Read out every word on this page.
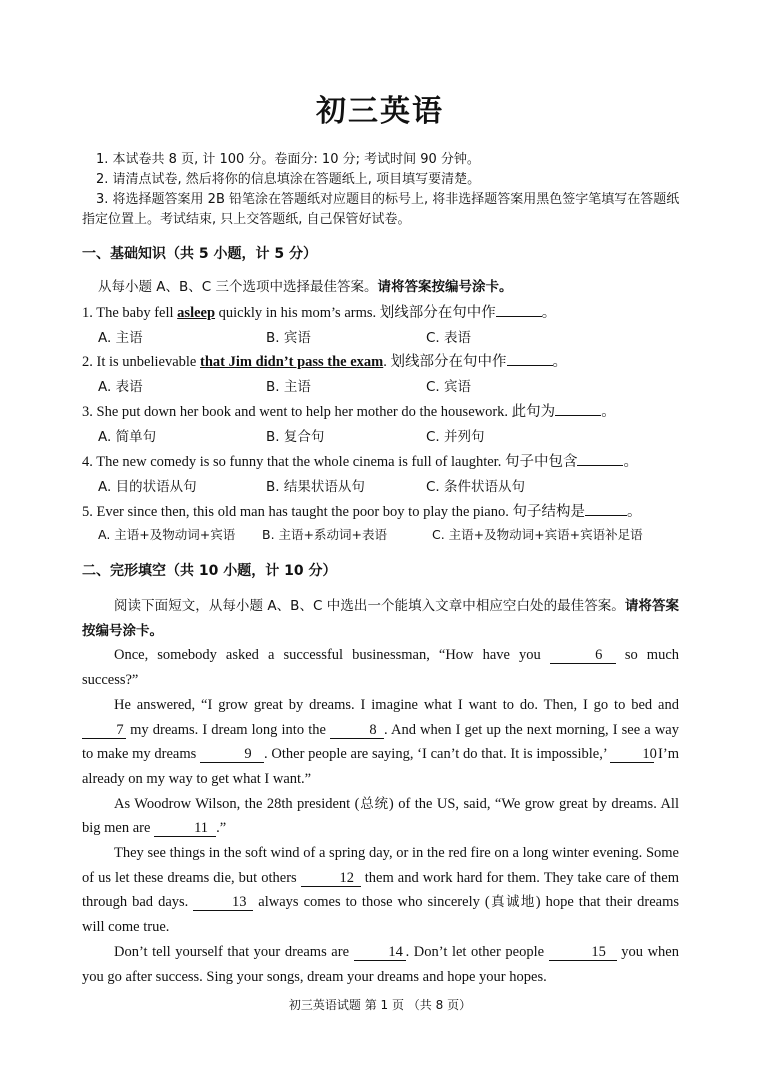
初三英语

1. 本试卷共 8 页, 计 100 分。卷面分: 10 分; 考试时间 90 分钟。

2. 请清点试卷, 然后将你的信息填涂在答题纸上, 项目填写要清楚。

3. 将选择题答案用 2B 铅笔涂在答题纸对应题目的标号上, 将非选择题答案用黑色签字笔填写在答题纸指定位置上。考试结束, 只上交答题纸, 自己保管好试卷。

一、基础知识（共 5 小题，计 5 分）
从每小题 A、B、C 三个选项中选择最佳答案。请将答案按编号涂卡。
1. The baby fell asleep quickly in his mom’s arms. 划线部分在句中作	。
A. 主语	B. 宾语	C. 表语
2. It is unbelievable that Jim didn’t pass the exam. 划线部分在句中作	。
A. 表语	B. 主语	C. 宾语
3. She put down her book and went to help her mother do the housework. 此句为	。
A. 简单句	B. 复合句	C. 并列句
4. The new comedy is so funny that the whole cinema is full of laughter. 句子中包含	。
A. 目的状语从句	B. 结果状语从句	C. 条件状语从句
5. Ever since then, this old man has taught the poor boy to play the piano. 句子结构是	。
A. 主语+及物动词+宾语 B. 主语+系动词+表语	C. 主语+及物动词+宾语+宾语补足语
二、完形填空（共 10 小题，计 10 分）

阅读下面短文，从每小题 A、B、C 中选出一个能填入文章中相应空白处的最佳答案。请将答案按编号涂卡。

Once, somebody asked a successful businessman, “How have you	6 so much success?”

He answered, “I grow great by dreams. I imagine what I want to do. Then, I go to bed and 7 my dreams. I dream long into the	8 . And when I get up the next morning, I see a way to make my dreams	9 . Other people are saying, ‘I can’t do that. It is impossible,’ 10 I’m already on my way to get what I want.”

As Woodrow Wilson, the 28th president (总统) of the US, said, “We grow great by dreams. All big men are	11 .”

They see things in the soft wind of a spring day, or in the red fire on a long winter evening. Some of us let these dreams die, but others	12 them and work hard for them. They take care of them through bad days.	13 always comes to those who sincerely (真诚地) hope that their dreams will come true.

Don’t tell yourself that your dreams are 14 . Don’t let other people	15 you when you go after success. Sing your songs, dream your dreams and hope your hopes.

初三英语试题 第 1 页 （共 8 页）
